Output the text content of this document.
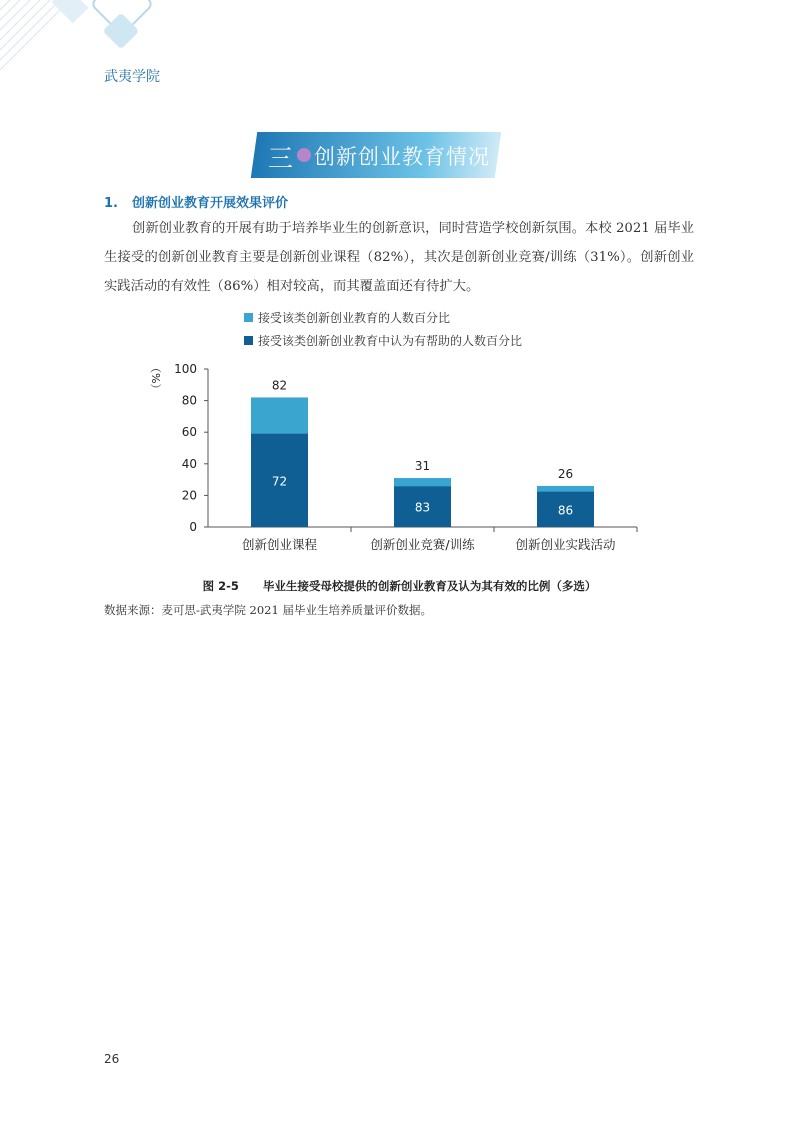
武夷学院
三 创新创业教育情况
1. 创新创业教育开展效果评价
创新创业教育的开展有助于培养毕业生的创新意识，同时营造学校创新氛围。本校 2021 届毕业生接受的创新创业教育主要是创新创业课程（82%），其次是创新创业竞赛/训练（31%）。创新创业实践活动的有效性（86%）相对较高，而其覆盖面还有待扩大。
接受该类创新创业教育的人数百分比
接受该类创新创业教育中认为有帮助的人数百分比
（%）
0
20
40
60
80
100
82
72
创新创业课程
31
83
创新创业竞赛/训练
26
86
创新创业实践活动
图 2-5 毕业生接受母校提供的创新创业教育及认为其有效的比例（多选）
数据来源：麦可思-武夷学院 2021 届毕业生培养质量评价数据。
26
